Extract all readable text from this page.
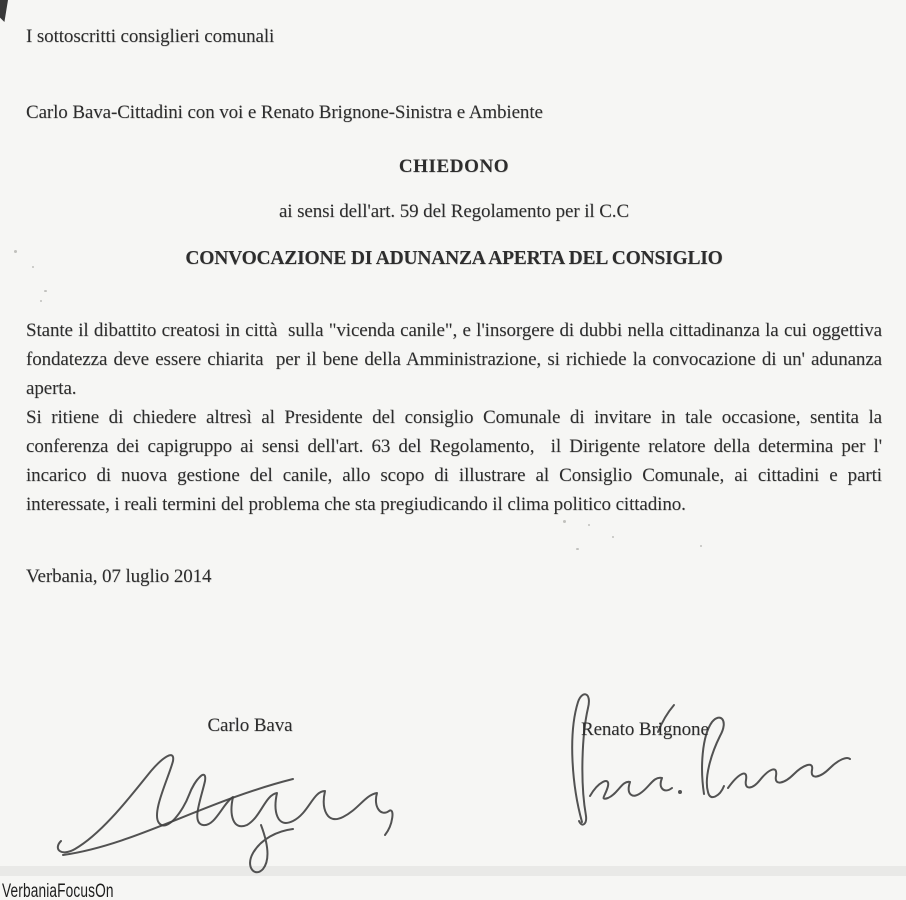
I sottoscritti consiglieri comunali
Carlo Bava-Cittadini con voi e Renato Brignone-Sinistra e Ambiente
CHIEDONO
ai sensi dell'art. 59 del Regolamento per il C.C
CONVOCAZIONE DI ADUNANZA APERTA DEL CONSIGLIO

Stante il dibattito creatosi in città  sulla "vicenda canile", e l'insorgere di dubbi nella cittadinanza la cui oggettiva fondatezza deve essere chiarita  per il bene della Amministrazione, si richiede la convocazione di un' adunanza aperta.

Si ritiene di chiedere altresì al Presidente del consiglio Comunale di invitare in tale occasione, sentita la conferenza dei capigruppo ai sensi dell'art. 63 del Regolamento,  il Dirigente relatore della determina per l' incarico di nuova gestione del canile, allo scopo di illustrare al Consiglio Comunale, ai cittadini e parti interessate, i reali termini del problema che sta pregiudicando il clima politico cittadino.

Verbania, 07 luglio 2014
Carlo Bava	Renato Brignone
VerbaniaFocusOn
